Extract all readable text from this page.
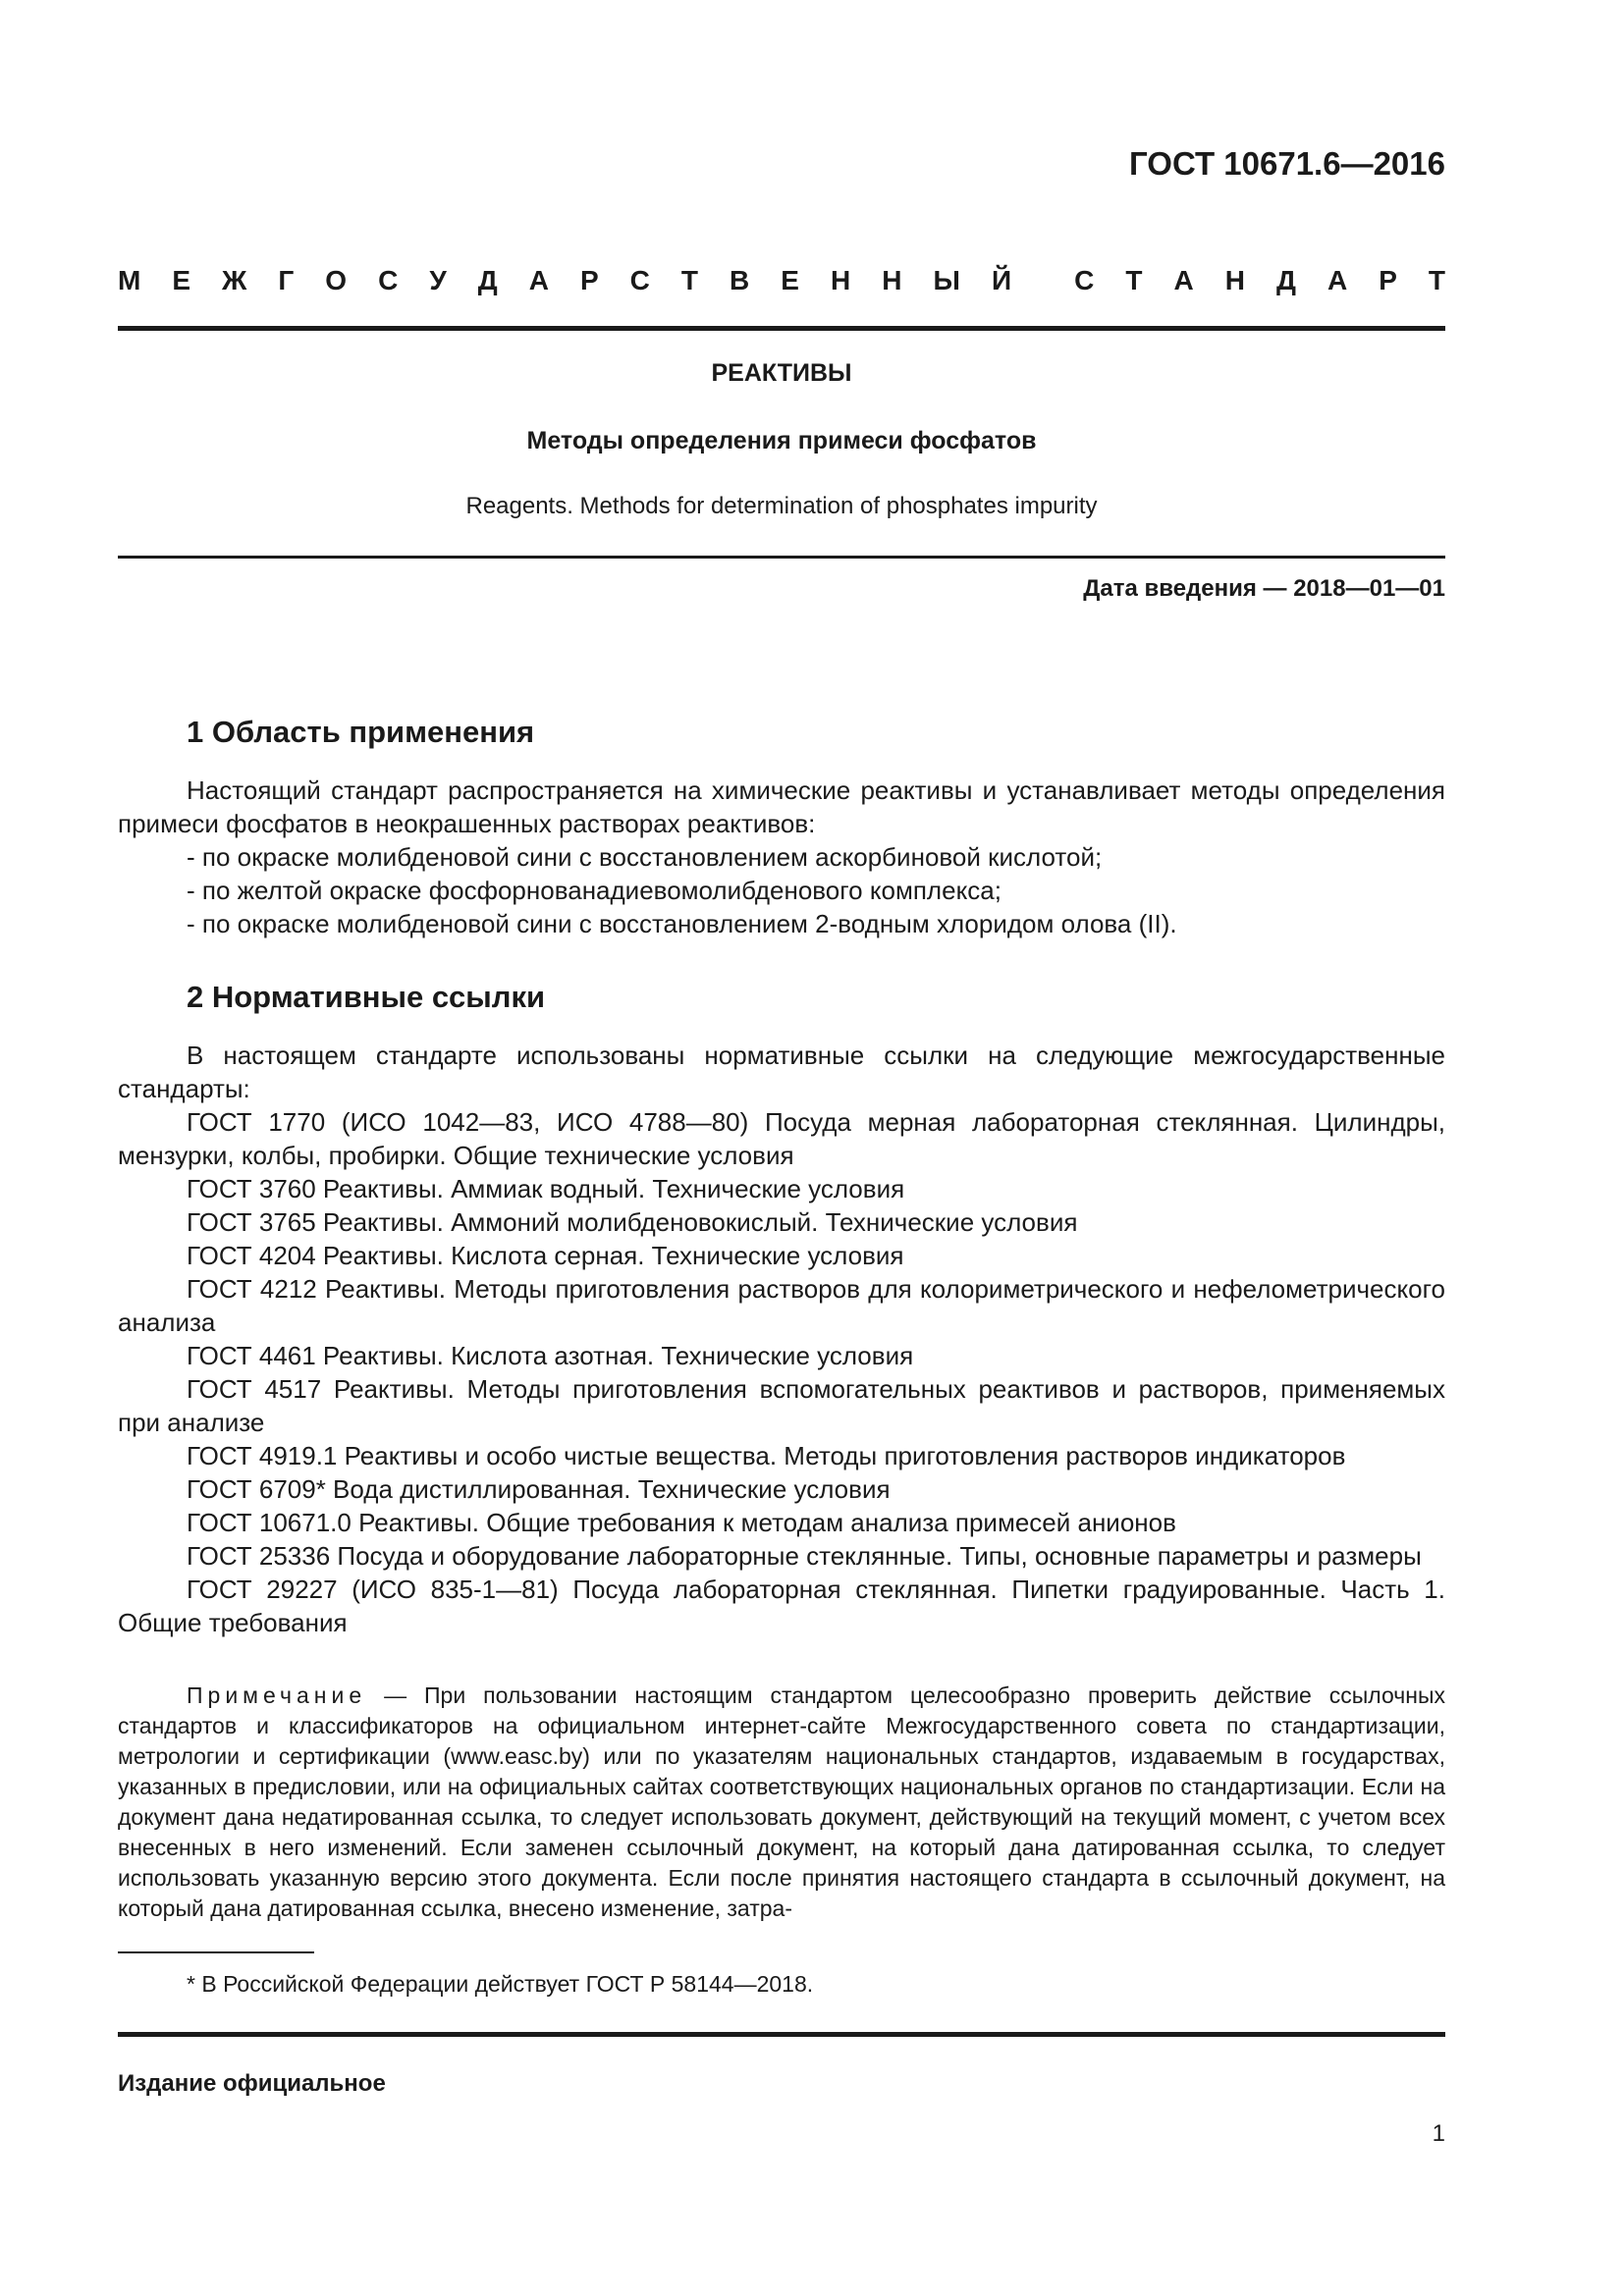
ГОСТ 10671.6—2016
М Е Ж Г О С У Д А Р С Т В Е Н Н Ы Й С Т А Н Д А Р Т
РЕАКТИВЫ
Методы определения примеси фосфатов
Reagents. Methods for determination of phosphates impurity
Дата введения — 2018—01—01
1 Область применения

Настоящий стандарт распространяется на химические реактивы и устанавливает методы определения примеси фосфатов в неокрашенных растворах реактивов:

- по окраске молибденовой сини с восстановлением аскорбиновой кислотой;

- по желтой окраске фосфорнованадиевомолибденового комплекса;

- по окраске молибденовой сини с восстановлением 2-водным хлоридом олова (II).

2 Нормативные ссылки

В настоящем стандарте использованы нормативные ссылки на следующие межгосударственные стандарты:

ГОСТ 1770 (ИСО 1042—83, ИСО 4788—80) Посуда мерная лабораторная стеклянная. Цилиндры, мензурки, колбы, пробирки. Общие технические условия

ГОСТ 3760 Реактивы. Аммиак водный. Технические условия

ГОСТ 3765 Реактивы. Аммоний молибденовокислый. Технические условия

ГОСТ 4204 Реактивы. Кислота серная. Технические условия

ГОСТ 4212 Реактивы. Методы приготовления растворов для колориметрического и нефелометрического анализа

ГОСТ 4461 Реактивы. Кислота азотная. Технические условия

ГОСТ 4517 Реактивы. Методы приготовления вспомогательных реактивов и растворов, применяемых при анализе

ГОСТ 4919.1 Реактивы и особо чистые вещества. Методы приготовления растворов индикаторов

ГОСТ 6709* Вода дистиллированная. Технические условия

ГОСТ 10671.0 Реактивы. Общие требования к методам анализа примесей анионов

ГОСТ 25336 Посуда и оборудование лабораторные стеклянные. Типы, основные параметры и размеры

ГОСТ 29227 (ИСО 835-1—81) Посуда лабораторная стеклянная. Пипетки градуированные. Часть 1. Общие требования

Примечание — При пользовании настоящим стандартом целесообразно проверить действие ссылочных стандартов и классификаторов на официальном интернет-сайте Межгосударственного совета по стандартизации, метрологии и сертификации (www.easc.by) или по указателям национальных стандартов, издаваемым в государствах, указанных в предисловии, или на официальных сайтах соответствующих национальных органов по стандартизации. Если на документ дана недатированная ссылка, то следует использовать документ, действующий на текущий момент, с учетом всех внесенных в него изменений. Если заменен ссылочный документ, на который дана датированная ссылка, то следует использовать указанную версию этого документа. Если после принятия настоящего стандарта в ссылочный документ, на который дана датированная ссылка, внесено изменение, затра-

* В Российской Федерации действует ГОСТ Р 58144—2018.
Издание официальное
1
